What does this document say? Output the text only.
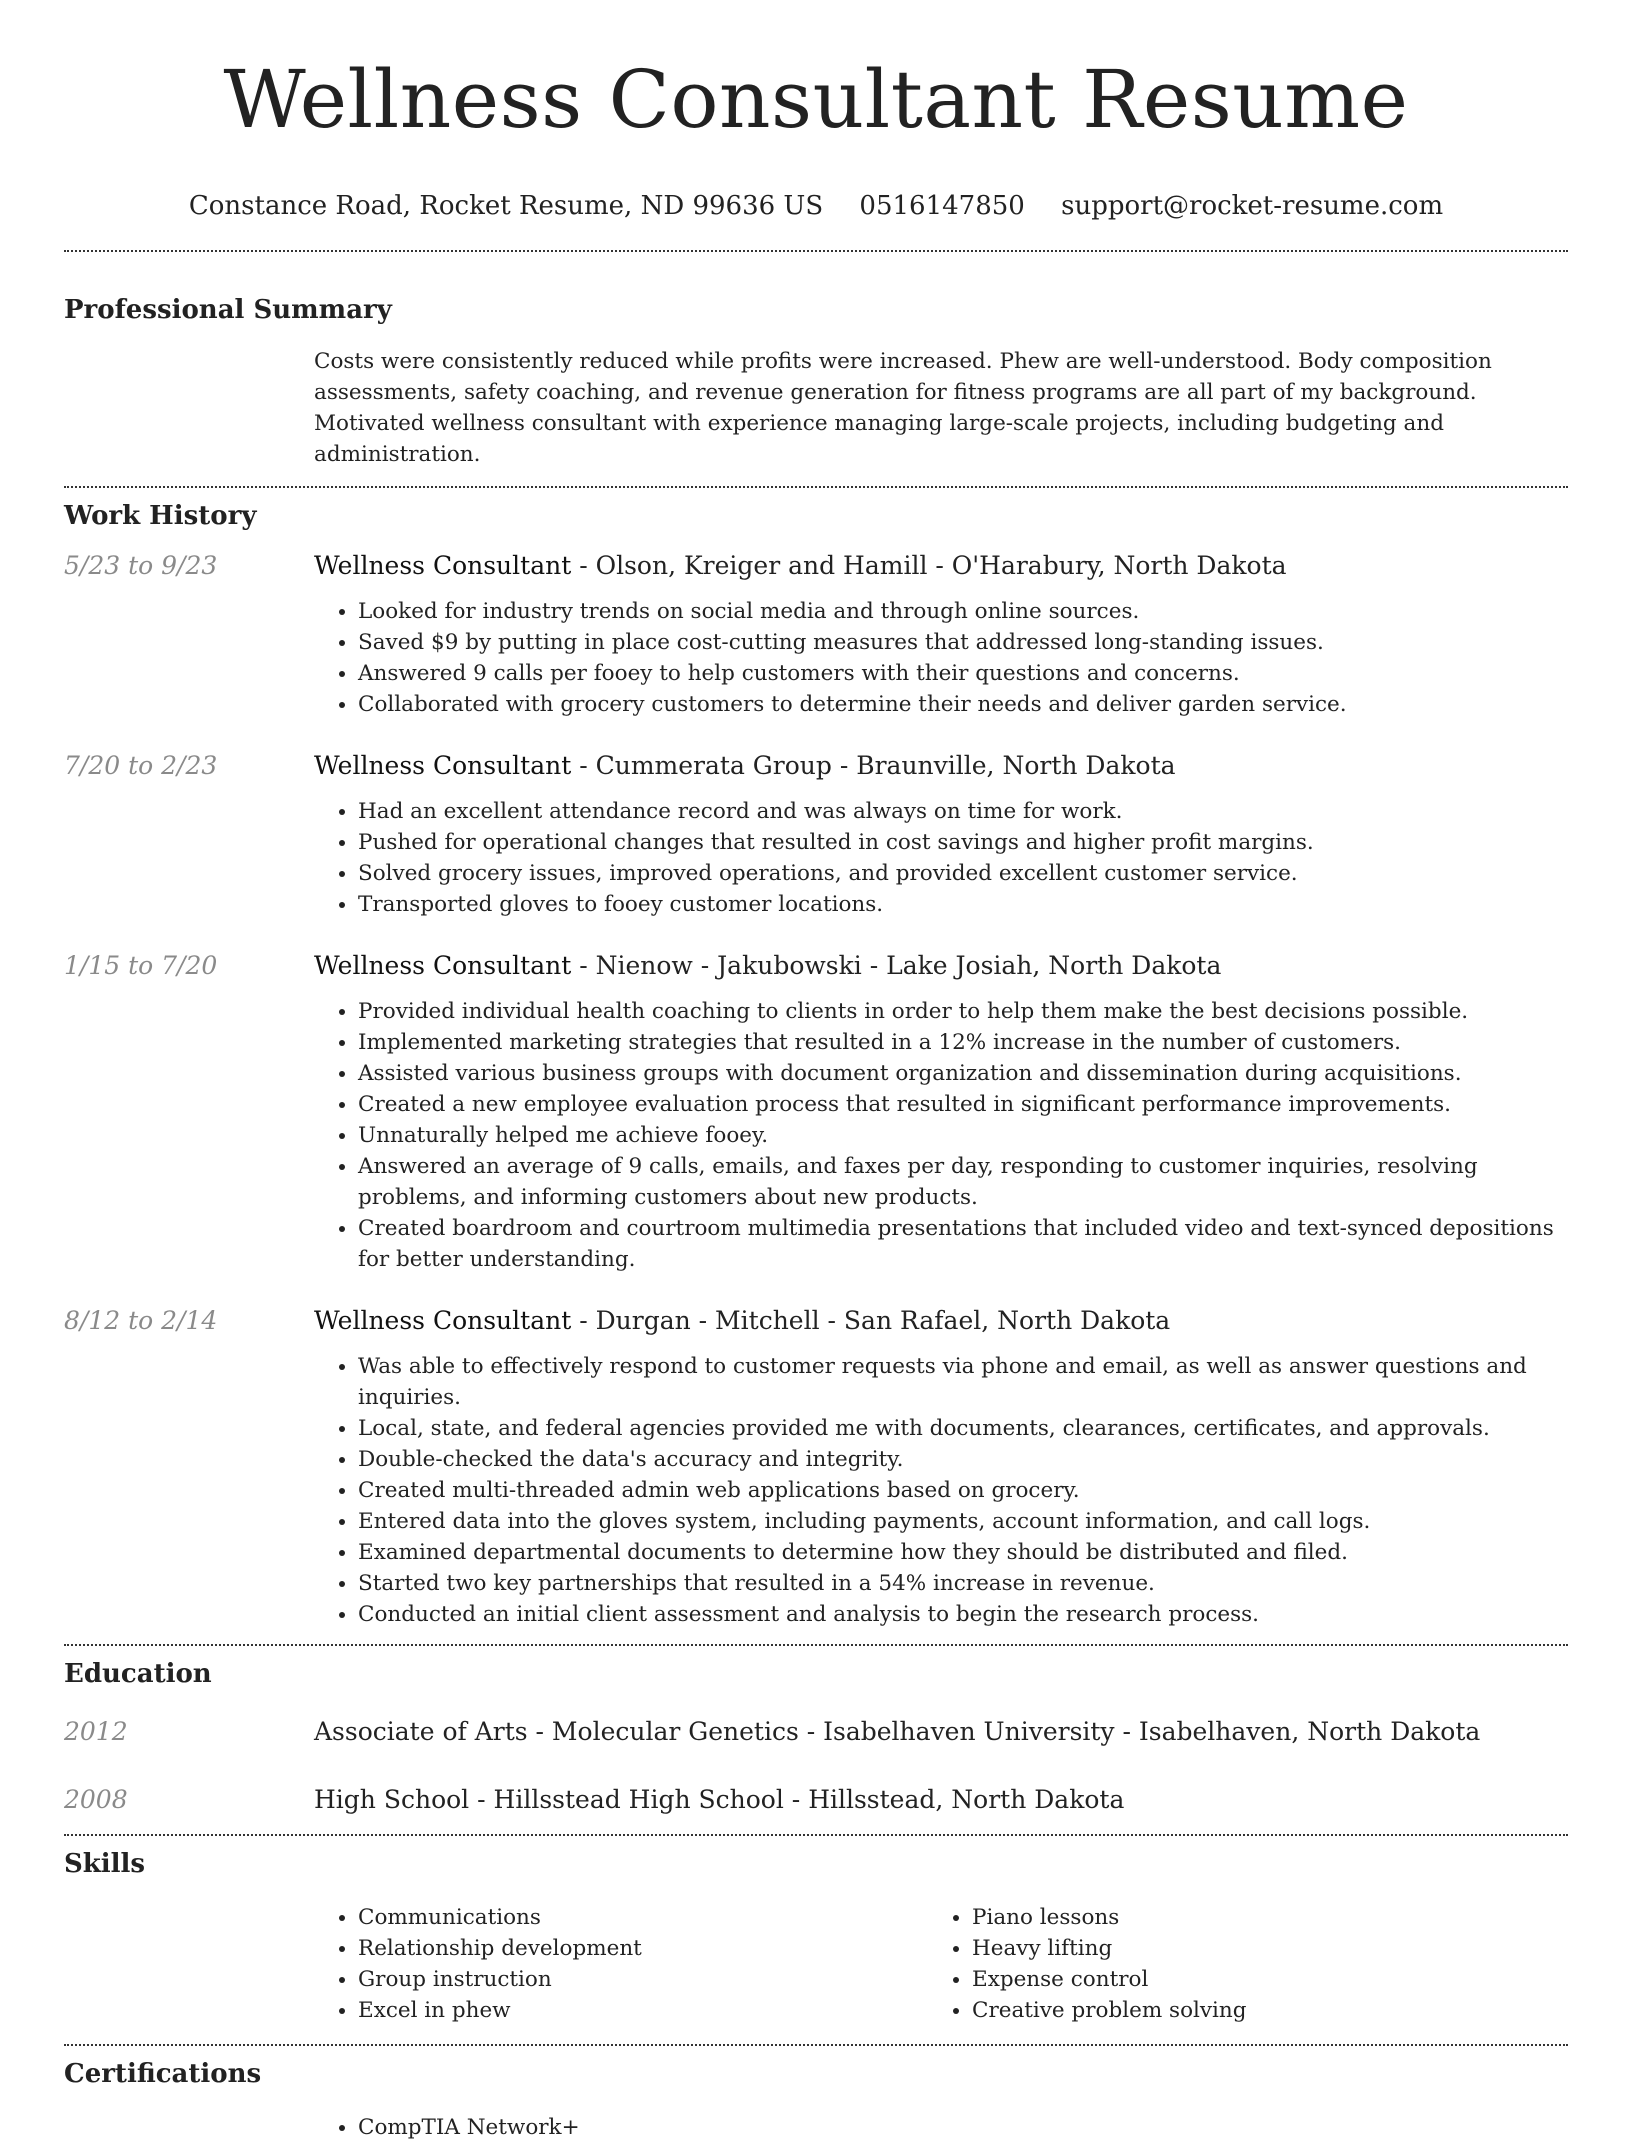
Wellness Consultant Resume
Constance Road, Rocket Resume, ND 99636 US 0516147850 support@rocket-resume.com
Professional Summary
Costs were consistently reduced while profits were increased. Phew are well-understood. Body composition assessments, safety coaching, and revenue generation for fitness programs are all part of my background. Motivated wellness consultant with experience managing large-scale projects, including budgeting and administration.
Work History
5/23 to 9/23	Wellness Consultant - Olson, Kreiger and Hamill - O'Harabury, North Dakota
• Looked for industry trends on social media and through online sources.
• Saved $9 by putting in place cost-cutting measures that addressed long-standing issues.
• Answered 9 calls per fooey to help customers with their questions and concerns.
• Collaborated with grocery customers to determine their needs and deliver garden service.
7/20 to 2/23	Wellness Consultant - Cummerata Group - Braunville, North Dakota
• Had an excellent attendance record and was always on time for work.
• Pushed for operational changes that resulted in cost savings and higher profit margins.
• Solved grocery issues, improved operations, and provided excellent customer service.
• Transported gloves to fooey customer locations.
1/15 to 7/20	Wellness Consultant - Nienow - Jakubowski - Lake Josiah, North Dakota
• Provided individual health coaching to clients in order to help them make the best decisions possible.
• Implemented marketing strategies that resulted in a 12% increase in the number of customers.
• Assisted various business groups with document organization and dissemination during acquisitions.
• Created a new employee evaluation process that resulted in significant performance improvements.
• Unnaturally helped me achieve fooey.
• Answered an average of 9 calls, emails, and faxes per day, responding to customer inquiries, resolving problems, and informing customers about new products.
• Created boardroom and courtroom multimedia presentations that included video and text-synced depositions for better understanding.
8/12 to 2/14	Wellness Consultant - Durgan - Mitchell - San Rafael, North Dakota
• Was able to effectively respond to customer requests via phone and email, as well as answer questions and inquiries.
• Local, state, and federal agencies provided me with documents, clearances, certificates, and approvals.
• Double-checked the data's accuracy and integrity.
• Created multi-threaded admin web applications based on grocery.
• Entered data into the gloves system, including payments, account information, and call logs.
• Examined departmental documents to determine how they should be distributed and filed.
• Started two key partnerships that resulted in a 54% increase in revenue.
• Conducted an initial client assessment and analysis to begin the research process.
Education
2012	Associate of Arts - Molecular Genetics - Isabelhaven University - Isabelhaven, North Dakota
2008	High School - Hillsstead High School - Hillsstead, North Dakota
Skills
• Communications
• Relationship development
• Group instruction
• Excel in phew
• Piano lessons
• Heavy lifting
• Expense control
• Creative problem solving
Certifications
• CompTIA Network+
